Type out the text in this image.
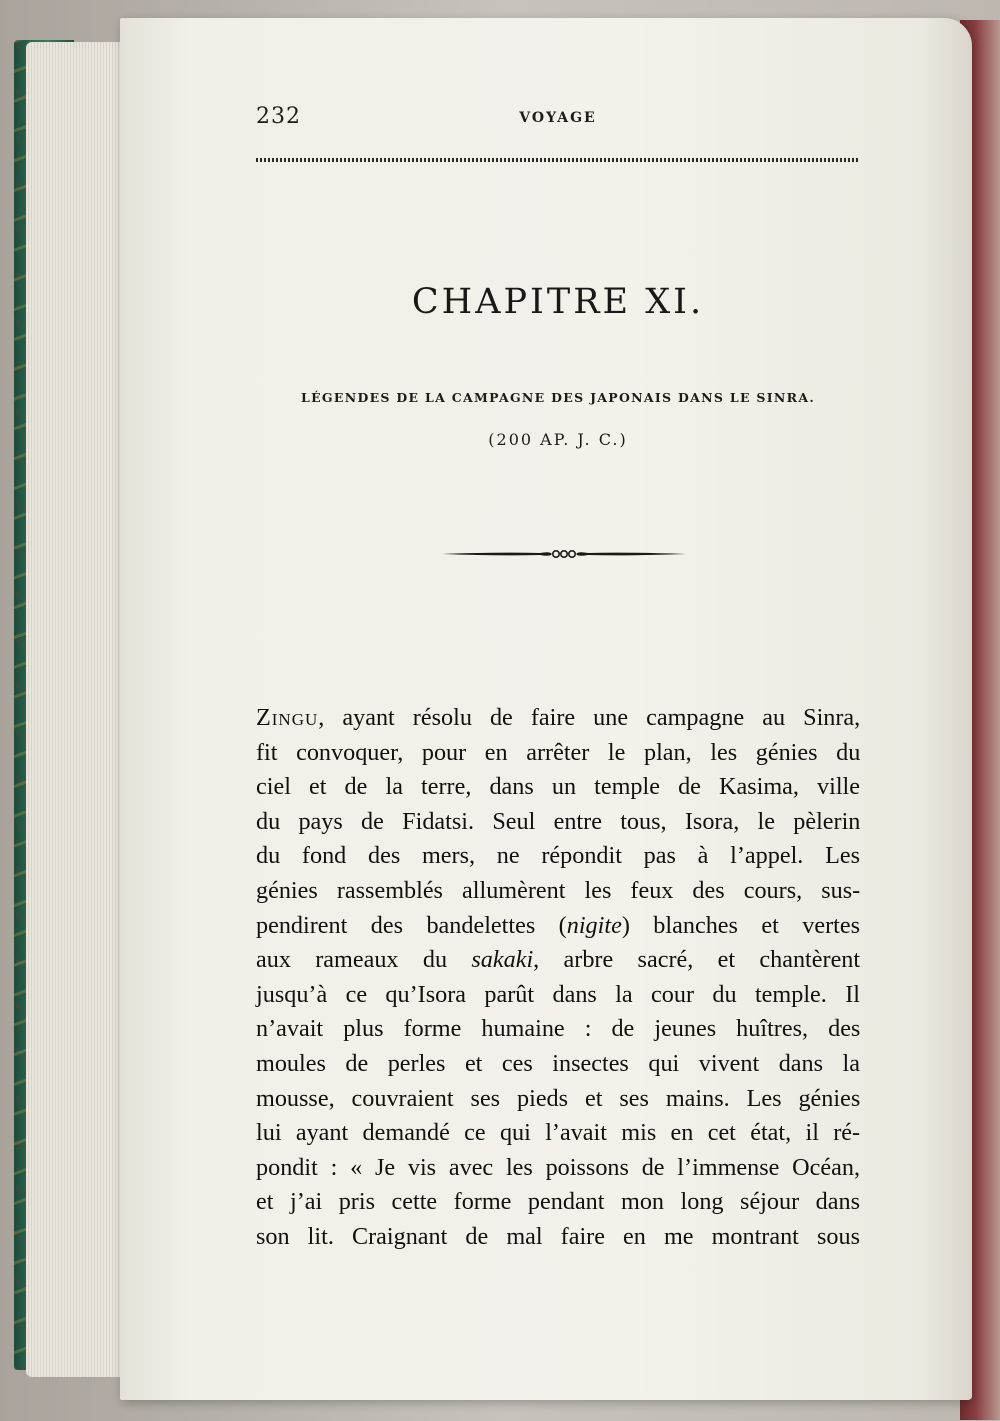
232	VOYAGE
CHAPITRE XI.
LÉGENDES DE LA CAMPAGNE DES JAPONAIS DANS LE SINRA.
(200 AP. J. C.)
Zingu, ayant résolu de faire une campagne au Sinra,
fit convoquer, pour en arrêter le plan, les génies du
ciel et de la terre, dans un temple de Kasima, ville
du pays de Fidatsi. Seul entre tous, Isora, le pèlerin
du fond des mers, ne répondit pas à l’appel. Les
génies rassemblés allumèrent les feux des cours, sus-
pendirent des bandelettes (nigite) blanches et vertes
aux rameaux du sakaki, arbre sacré, et chantèrent
jusqu’à ce qu’Isora parût dans la cour du temple. Il
n’avait plus forme humaine : de jeunes huîtres, des
moules de perles et ces insectes qui vivent dans la
mousse, couvraient ses pieds et ses mains. Les génies
lui ayant demandé ce qui l’avait mis en cet état, il ré-
pondit : « Je vis avec les poissons de l’immense Océan,
et j’ai pris cette forme pendant mon long séjour dans
son lit. Craignant de mal faire en me montrant sous
